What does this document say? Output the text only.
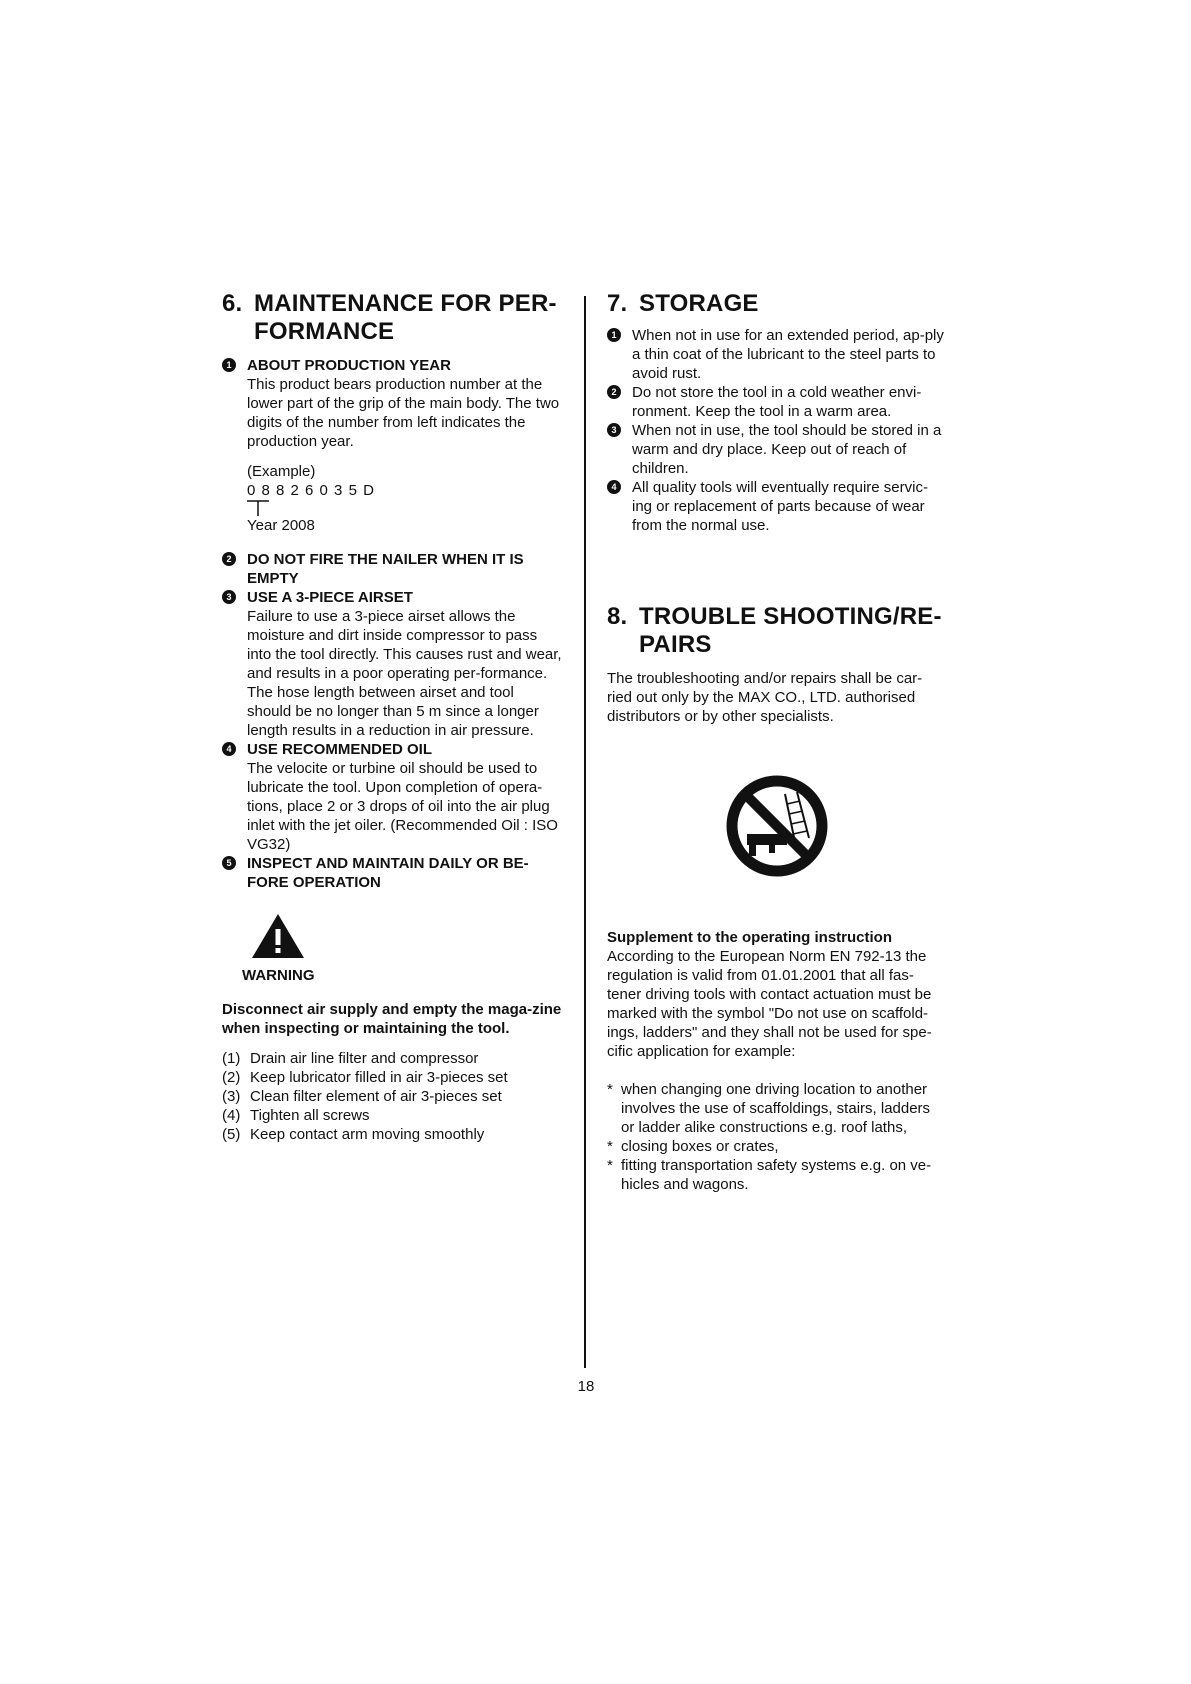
6. MAINTENANCE FOR PER-FORMANCE
1	ABOUT PRODUCTION YEAR

This product bears production number at the lower part of the grip of the main body. The two digits of the number from left indicates the production year.

(Example)

0 8 8 2 6 0 3 5 D

Year 2008

2	DO NOT FIRE THE NAILER WHEN IT IS EMPTY
3	USE A 3-PIECE AIRSET

Failure to use a 3-piece airset allows the moisture and dirt inside compressor to pass into the tool directly. This causes rust and wear, and results in a poor operating per-formance. The hose length between airset and tool should be no longer than 5 m since a longer length results in a reduction in air pressure.

4	USE RECOMMENDED OIL

The velocite or turbine oil should be used to lubricate the tool. Upon completion of opera-tions, place 2 or 3 drops of oil into the air plug inlet with the jet oiler. (Recommended Oil : ISO VG32)

5	INSPECT AND MAINTAIN DAILY OR BE-FORE OPERATION
WARNING

Disconnect air supply and empty the maga-zine when inspecting or maintaining the tool.

(1) Drain air line filter and compressor
(2) Keep lubricator filled in air 3-pieces set
(3) Clean filter element of air 3-pieces set
(4) Tighten all screws
(5) Keep contact arm moving smoothly
7. STORAGE
1	When not in use for an extended period, ap-ply a thin coat of the lubricant to the steel parts to avoid rust.

2	Do not store the tool in a cold weather envi-ronment. Keep the tool in a warm area.

3	When not in use, the tool should be stored in a warm and dry place. Keep out of reach of children.

4	All quality tools will eventually require servic-ing or replacement of parts because of wear from the normal use.

8. TROUBLE SHOOTING/RE-PAIRS

The troubleshooting and/or repairs shall be car-ried out only by the MAX CO., LTD. authorised distributors or by other specialists.

Supplement to the operating instruction

According to the European Norm EN 792-13 the regulation is valid from 01.01.2001 that all fas-tener driving tools with contact actuation must be marked with the symbol "Do not use on scaffold-ings, ladders" and they shall not be used for spe-cific application for example:

* when changing one driving location to another involves the use of scaffoldings, stairs, ladders or ladder alike constructions e.g. roof laths,
* closing boxes or crates,
* fitting transportation safety systems e.g. on ve-hicles and wagons.
18
